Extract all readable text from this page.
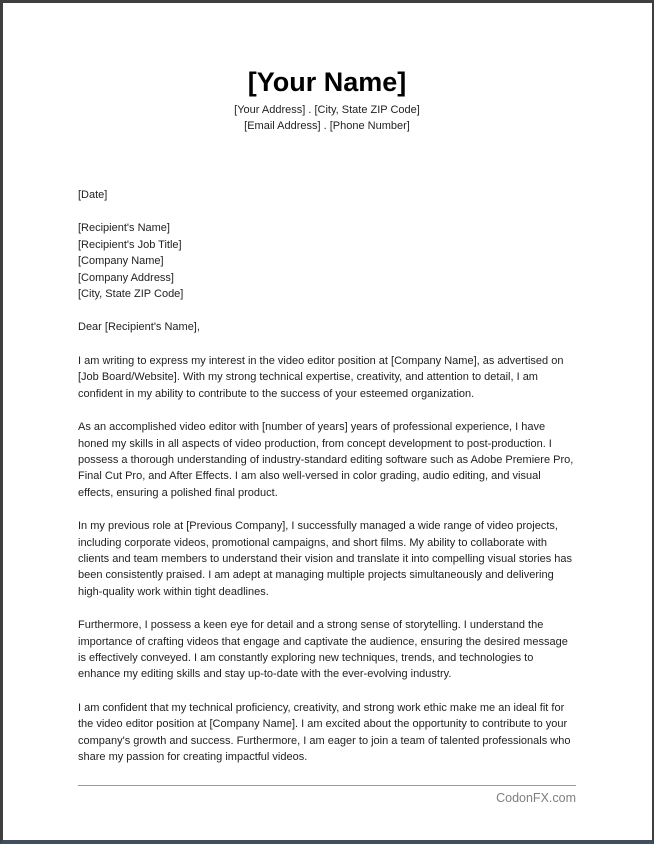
[Your Name]
[Your Address] . [City, State ZIP Code]
[Email Address] . [Phone Number]
[Date]
[Recipient's Name]
[Recipient's Job Title]
[Company Name]
[Company Address]
[City, State ZIP Code]
Dear [Recipient's Name],

I am writing to express my interest in the video editor position at [Company Name], as advertised on [Job Board/Website]. With my strong technical expertise, creativity, and attention to detail, I am confident in my ability to contribute to the success of your esteemed organization.

As an accomplished video editor with [number of years] years of professional experience, I have honed my skills in all aspects of video production, from concept development to post-production. I possess a thorough understanding of industry-standard editing software such as Adobe Premiere Pro, Final Cut Pro, and After Effects. I am also well-versed in color grading, audio editing, and visual effects, ensuring a polished final product.

In my previous role at [Previous Company], I successfully managed a wide range of video projects, including corporate videos, promotional campaigns, and short films. My ability to collaborate with clients and team members to understand their vision and translate it into compelling visual stories has been consistently praised. I am adept at managing multiple projects simultaneously and delivering high-quality work within tight deadlines.

Furthermore, I possess a keen eye for detail and a strong sense of storytelling. I understand the importance of crafting videos that engage and captivate the audience, ensuring the desired message is effectively conveyed. I am constantly exploring new techniques, trends, and technologies to enhance my editing skills and stay up-to-date with the ever-evolving industry.

I am confident that my technical proficiency, creativity, and strong work ethic make me an ideal fit for the video editor position at [Company Name]. I am excited about the opportunity to contribute to your company's growth and success. Furthermore, I am eager to join a team of talented professionals who share my passion for creating impactful videos.

CodonFX.com
